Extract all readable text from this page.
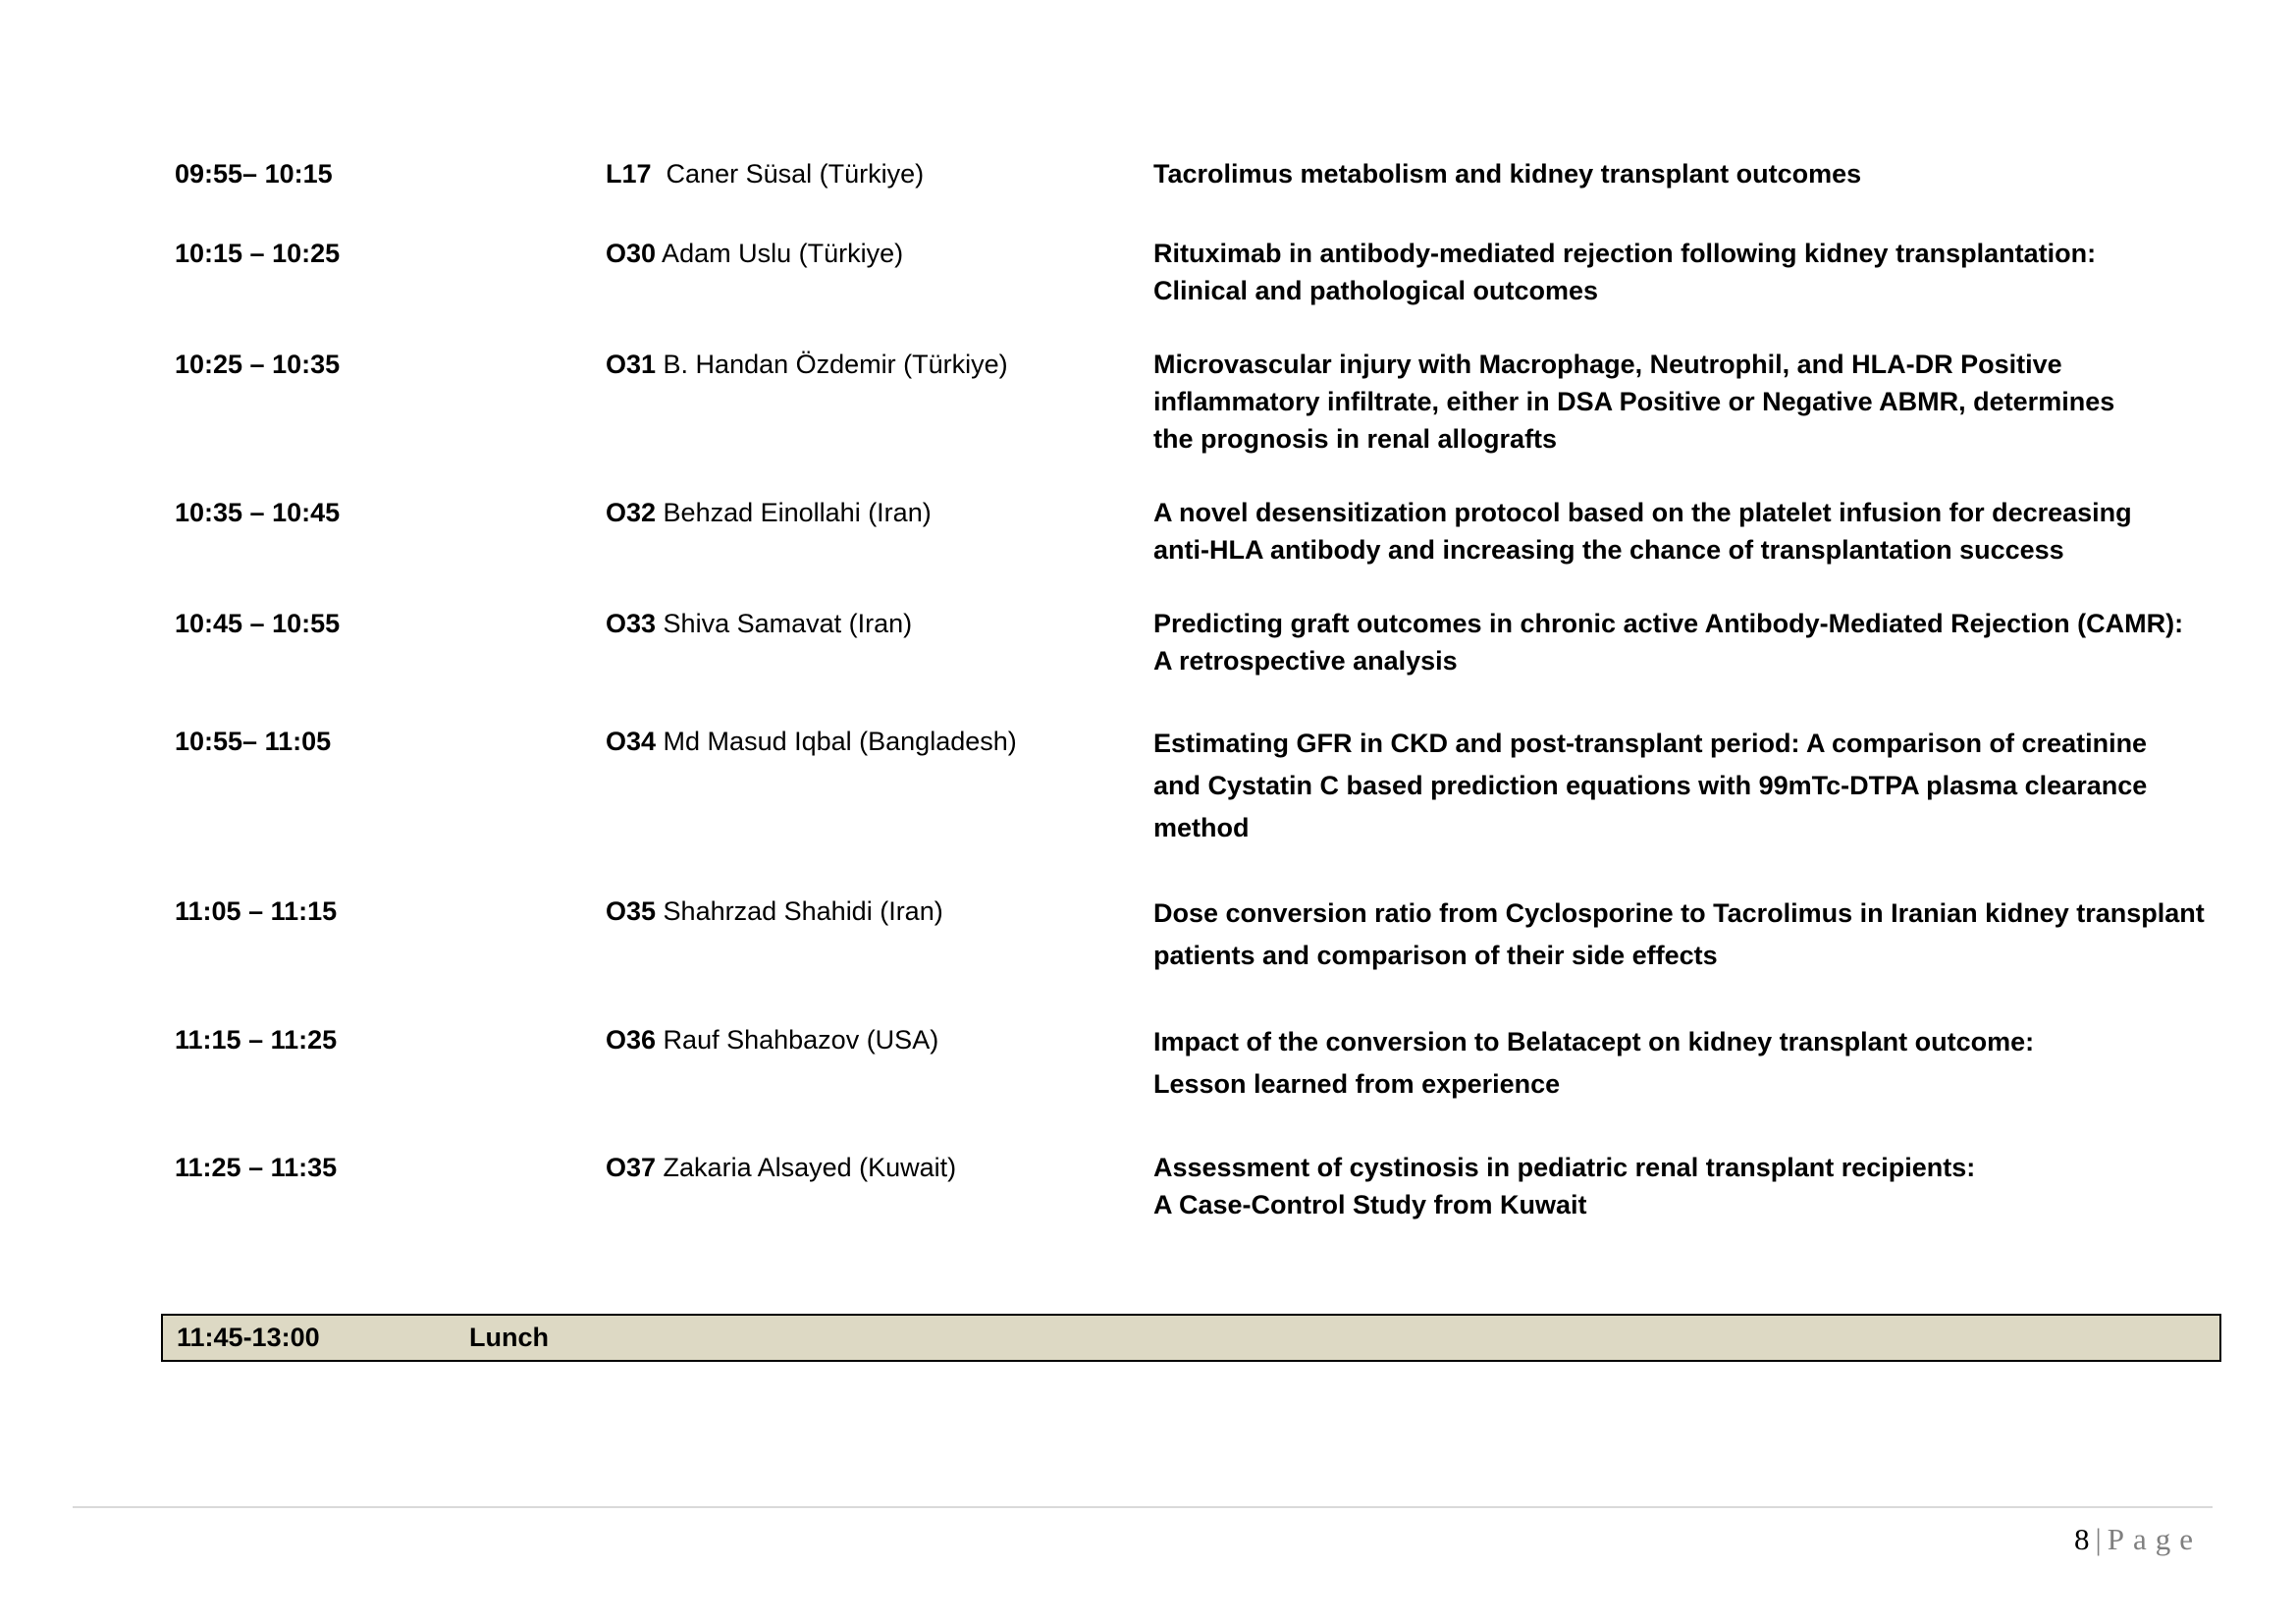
09:55– 10:15	L17  Caner Süsal (Türkiye)	Tacrolimus metabolism and kidney transplant outcomes
10:15 – 10:25	O30 Adam Uslu (Türkiye)	Rituximab in antibody-mediated rejection following kidney transplantation:
Clinical and pathological outcomes
10:25 – 10:35	O31 B. Handan Özdemir (Türkiye)	Microvascular injury with Macrophage, Neutrophil, and HLA-DR Positive
inflammatory infiltrate, either in DSA Positive or Negative ABMR, determines
the prognosis in renal allografts
10:35 – 10:45	O32 Behzad Einollahi (Iran)	A novel desensitization protocol based on the platelet infusion for decreasing
anti-HLA antibody and increasing the chance of transplantation success
10:45 – 10:55	O33 Shiva Samavat (Iran)	Predicting graft outcomes in chronic active Antibody-Mediated Rejection (CAMR):
A retrospective analysis
10:55– 11:05	O34 Md Masud Iqbal (Bangladesh)	Estimating GFR in CKD and post-transplant period: A comparison of creatinine
and Cystatin C based prediction equations with 99mTc-DTPA plasma clearance
method
11:05 – 11:15	O35 Shahrzad Shahidi (Iran)	Dose conversion ratio from Cyclosporine to Tacrolimus in Iranian kidney transplant
patients and comparison of their side effects
11:15 – 11:25	O36 Rauf Shahbazov (USA)	Impact of the conversion to Belatacept on kidney transplant outcome:
Lesson learned from experience
11:25 – 11:35	O37 Zakaria Alsayed (Kuwait)	Assessment of cystinosis in pediatric renal transplant recipients:
A Case-Control Study from Kuwait
11:45-13:00	Lunch
8 | Page
